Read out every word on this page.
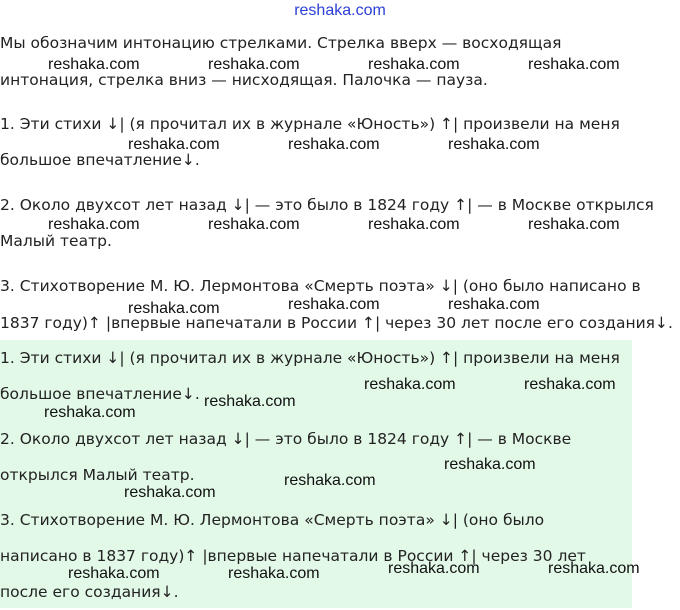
reshaka.com
Мы обозначим интонацию стрелками. Стрелка вверх — восходящая
интонация, стрелка вниз — нисходящая. Палочка — пауза.
1. Эти стихи ↓| (я прочитал их в журнале «Юность») ↑| произвели на меня
большое впечатление↓.
2. Около двухсот лет назад ↓| — это было в 1824 году ↑| — в Москве открылся
Малый театр.
3. Стихотворение М. Ю. Лермонтова «Смерть поэта» ↓| (оно было написано в
1837 году)↑ |впервые напечатали в России ↑| через 30 лет после его создания↓.
1. Эти стихи ↓| (я прочитал их в журнале «Юность») ↑| произвели на меня
большое впечатление↓.
2. Около двухсот лет назад ↓| — это было в 1824 году ↑| — в Москве
открылся Малый театр.
3. Стихотворение М. Ю. Лермонтова «Смерть поэта» ↓| (оно было
написано в 1837 году)↑ |впервые напечатали в России ↑| через 30 лет
после его создания↓.
reshaka.com	reshaka.com	reshaka.com	reshaka.com
reshaka.com	reshaka.com	reshaka.com
reshaka.com	reshaka.com	reshaka.com	reshaka.com
reshaka.com	reshaka.com	reshaka.com
reshaka.com	reshaka.com
reshaka.com
reshaka.com
reshaka.com
reshaka.com
reshaka.com
reshaka.com	reshaka.com
reshaka.com	reshaka.com
